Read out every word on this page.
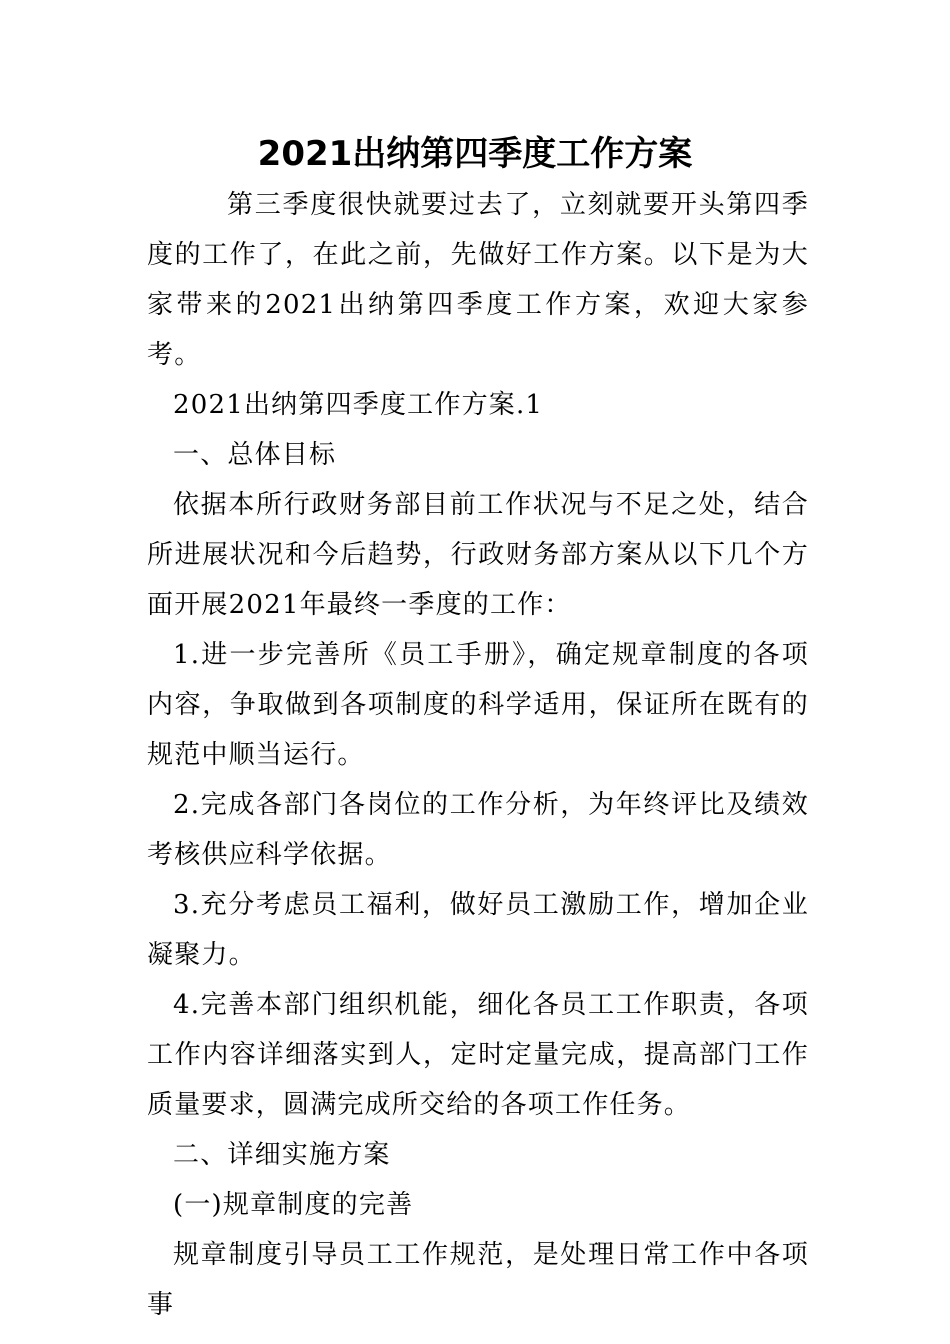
2021出纳第四季度工作方案

第三季度很快就要过去了，立刻就要开头第四季度的工作了，在此之前，先做好工作方案。以下是为大家带来的2021出纳第四季度工作方案，欢迎大家参考。

2021出纳第四季度工作方案.1

一、总体目标

依据本所行政财务部目前工作状况与不足之处，结合所进展状况和今后趋势，行政财务部方案从以下几个方面开展2021年最终一季度的工作：

1.进一步完善所《员工手册》，确定规章制度的各项内容，争取做到各项制度的科学适用，保证所在既有的规范中顺当运行。

2.完成各部门各岗位的工作分析，为年终评比及绩效考核供应科学依据。

3.充分考虑员工福利，做好员工激励工作，增加企业凝聚力。

4.完善本部门组织机能，细化各员工工作职责，各项工作内容详细落实到人，定时定量完成，提高部门工作质量要求，圆满完成所交给的各项工作任务。

二、详细实施方案

(一)规章制度的完善

规章制度引导员工工作规范，是处理日常工作中各项事
